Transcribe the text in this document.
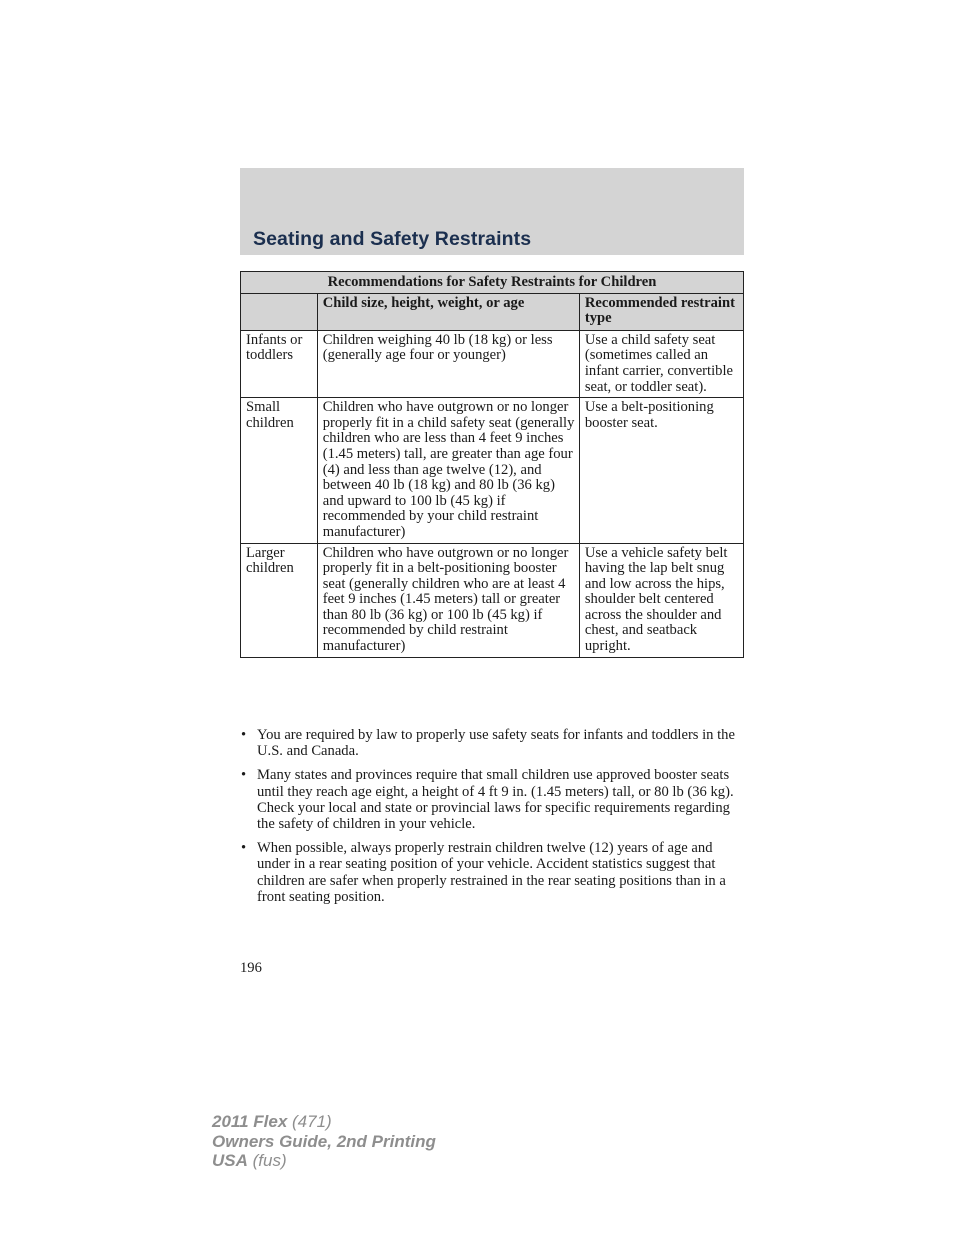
Seating and Safety Restraints
Recommendations for Safety Restraints for Children		
	Child size, height, weight, or age	Recommended restraint type
Infants or toddlers	Children weighing 40 lb (18 kg) or less (generally age four or younger)	Use a child safety seat (sometimes called an infant carrier, convertible seat, or toddler seat).
Small children	Children who have outgrown or no longer properly fit in a child safety seat (generally children who are less than 4 feet 9 inches (1.45 meters) tall, are greater than age four (4) and less than age twelve (12), and between 40 lb (18 kg) and 80 lb (36 kg) and upward to 100 lb (45 kg) if recommended by your child restraint manufacturer)	Use a belt-positioning booster seat.
Larger children	Children who have outgrown or no longer properly fit in a belt-positioning booster seat (generally children who are at least 4 feet 9 inches (1.45 meters) tall or greater than 80 lb (36 kg) or 100 lb (45 kg) if recommended by child restraint manufacturer)	Use a vehicle safety belt having the lap belt snug and low across the hips, shoulder belt centered across the shoulder and chest, and seatback upright.
• You are required by law to properly use safety seats for infants and toddlers in the U.S. and Canada.
• Many states and provinces require that small children use approved booster seats until they reach age eight, a height of 4 ft 9 in. (1.45 meters) tall, or 80 lb (36 kg). Check your local and state or provincial laws for specific requirements regarding the safety of children in your vehicle.
• When possible, always properly restrain children twelve (12) years of age and under in a rear seating position of your vehicle. Accident statistics suggest that children are safer when properly restrained in the rear seating positions than in a front seating position.
196
2011 Flex (471)
Owners Guide, 2nd Printing
USA (fus)
